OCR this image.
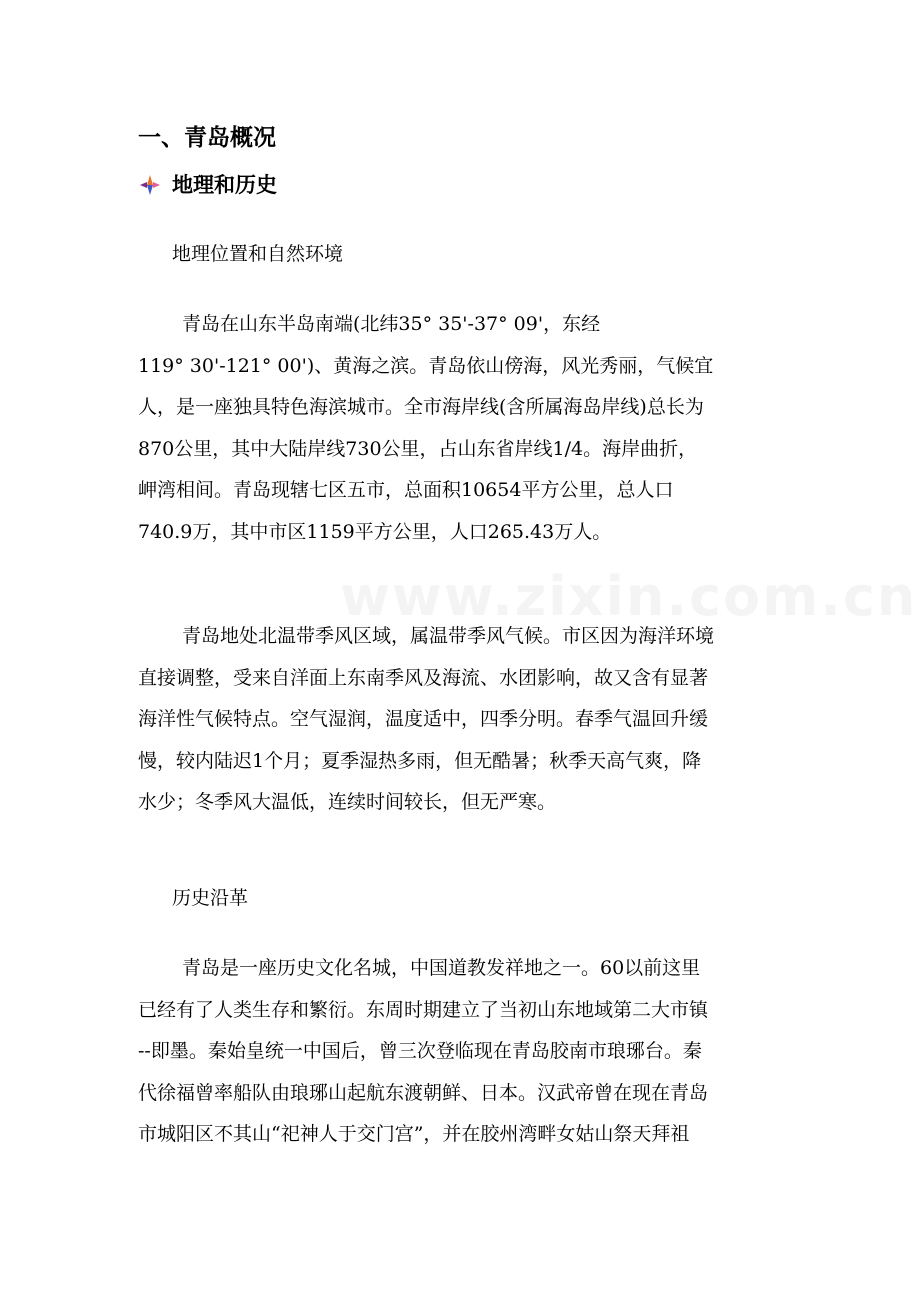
一、青岛概况
地理和历史
地理位置和自然环境
青岛在山东半岛南端(北纬35° 35'-37° 09'，东经
119° 30'-121° 00')、黄海之滨。青岛依山傍海，风光秀丽，气候宜
人，是一座独具特色海滨城市。全市海岸线(含所属海岛岸线)总长为
870公里，其中大陆岸线730公里，占山东省岸线1/4。海岸曲折，
岬湾相间。青岛现辖七区五市，总面积10654平方公里，总人口
740.9万，其中市区1159平方公里，人口265.43万人。
青岛地处北温带季风区域，属温带季风气候。市区因为海洋环境
直接调整，受来自洋面上东南季风及海流、水团影响，故又含有显著
海洋性气候特点。空气湿润，温度适中，四季分明。春季气温回升缓
慢，较内陆迟1个月；夏季湿热多雨，但无酷暑；秋季天高气爽，降
水少；冬季风大温低，连续时间较长，但无严寒。
历史沿革
青岛是一座历史文化名城，中国道教发祥地之一。60以前这里
已经有了人类生存和繁衍。东周时期建立了当初山东地域第二大市镇
--即墨。秦始皇统一中国后，曾三次登临现在青岛胶南市琅琊台。秦
代徐福曾率船队由琅琊山起航东渡朝鲜、日本。汉武帝曾在现在青岛
市城阳区不其山“祀神人于交门宫”，并在胶州湾畔女姑山祭天拜祖
